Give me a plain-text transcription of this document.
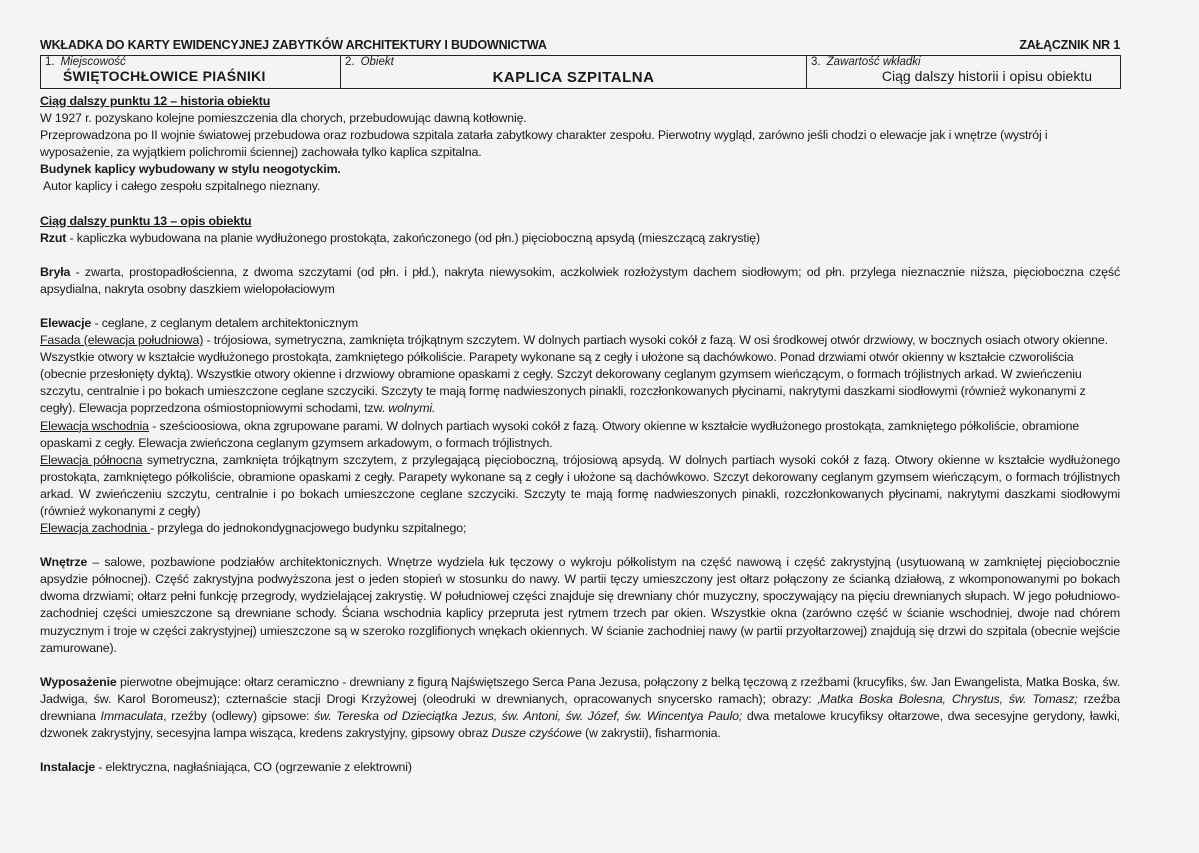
WKŁADKA DO KARTY EWIDENCYJNEJ ZABYTKÓW ARCHITEKTURY I BUDOWNICTWA	ZAŁĄCZNIK NR 1
1. Miejscowość
ŚWIĘTOCHŁOWICE PIAŚNIKI

2. Obiekt
KAPLICA SZPITALNA

3. Zawartość wkładki
Ciąg dalszy historii i opisu obiektu

Ciąg dalszy punktu 12 – historia obiektu

W 1927 r. pozyskano kolejne pomieszczenia dla chorych, przebudowując dawną kotłownię.

Przeprowadzona po II wojnie światowej przebudowa oraz rozbudowa szpitala zatarła zabytkowy charakter zespołu. Pierwotny wygląd, zarówno jeśli chodzi o elewacje jak i wnętrze (wystrój i wyposażenie, za wyjątkiem polichromii ściennej) zachowała tylko kaplica szpitalna.

Budynek kaplicy wybudowany w stylu neogotyckim.

Autor kaplicy i całego zespołu szpitalnego nieznany.

Ciąg dalszy punktu 13 – opis obiektu

Rzut - kapliczka wybudowana na planie wydłużonego prostokąta, zakończonego (od płn.) pięcioboczną apsydą (mieszczącą zakrystię)

Bryła - zwarta, prostopadłościenna, z dwoma szczytami (od płn. i płd.), nakryta niewysokim, aczkolwiek rozłożystym dachem siodłowym; od płn. przylega nieznacznie niższa, pięcioboczna część apsydialna, nakryta osobny daszkiem wielopołaciowym

Elewacje - ceglane, z ceglanym detalem architektonicznym

Fasada (elewacja południowa) - trójosiowa, symetryczna, zamknięta trójkątnym szczytem. W dolnych partiach wysoki cokół z fazą. W osi środkowej otwór drzwiowy, w bocznych osiach otwory okienne. Wszystkie otwory w kształcie wydłużonego prostokąta, zamkniętego półkoliście. Parapety wykonane są z cegły i ułożone są dachówkowo. Ponad drzwiami otwór okienny w kształcie czworoliścia (obecnie przesłonięty dyktą). Wszystkie otwory okienne i drzwiowy obramione opaskami z cegły. Szczyt dekorowany ceglanym gzymsem wieńczącym, o formach trójlistnych arkad. W zwieńczeniu szczytu, centralnie i po bokach umieszczone ceglane szczyciki. Szczyty te mają formę nadwieszonych pinakli, rozczłonkowanych płycinami, nakrytymi daszkami siodłowymi (również wykonanymi z cegły). Elewacja poprzedzona ośmiostopniowymi schodami, tzw. wolnymi.

Elewacja wschodnia - sześcioosiowa, okna zgrupowane parami. W dolnych partiach wysoki cokół z fazą. Otwory okienne w kształcie wydłużonego prostokąta, zamkniętego półkoliście, obramione opaskami z cegły. Elewacja zwieńczona ceglanym gzymsem arkadowym, o formach trójlistnych.

Elewacja północna symetryczna, zamknięta trójkątnym szczytem, z przylegającą pięcioboczną, trójosiową apsydą. W dolnych partiach wysoki cokół z fazą. Otwory okienne w kształcie wydłużonego prostokąta, zamkniętego półkoliście, obramione opaskami z cegły. Parapety wykonane są z cegły i ułożone są dachówkowo. Szczyt dekorowany ceglanym gzymsem wieńczącym, o formach trójlistnych arkad. W zwieńczeniu szczytu, centralnie i po bokach umieszczone ceglane szczyciki. Szczyty te mają formę nadwieszonych pinakli, rozczłonkowanych płycinami, nakrytymi daszkami siodłowymi (również wykonanymi z cegły)

Elewacja zachodnia - przylega do jednokondygnacjowego budynku szpitalnego;

Wnętrze – salowe, pozbawione podziałów architektonicznych. Wnętrze wydziela łuk tęczowy o wykroju półkolistym na część nawową i część zakrystyjną (usytuowaną w zamkniętej pięciobocznie apsydzie północnej). Część zakrystyjna podwyższona jest o jeden stopień w stosunku do nawy. W partii tęczy umieszczony jest ołtarz połączony ze ścianką działową, z wkomponowanymi po bokach dwoma drzwiami; ołtarz pełni funkcję przegrody, wydzielającej zakrystię. W południowej części znajduje się drewniany chór muzyczny, spoczywający na pięciu drewnianych słupach. W jego południowo-zachodniej części umieszczone są drewniane schody. Ściana wschodnia kaplicy przepruta jest rytmem trzech par okien. Wszystkie okna (zarówno część w ścianie wschodniej, dwoje nad chórem muzycznym i troje w części zakrystyjnej) umieszczone są w szeroko rozglifionych wnękach okiennych. W ścianie zachodniej nawy (w partii przyołtarzowej) znajdują się drzwi do szpitala (obecnie wejście zamurowane).

Wyposażenie pierwotne obejmujące: ołtarz ceramiczno - drewniany z figurą Najświętszego Serca Pana Jezusa, połączony z belką tęczową z rzeźbami (krucyfiks, św. Jan Ewangelista, Matka Boska, św. Jadwiga, św. Karol Boromeusz); czternaście stacji Drogi Krzyżowej (oleodruki w drewnianych, opracowanych snycersko ramach); obrazy: ‚Matka Boska Bolesna, Chrystus, św. Tomasz; rzeźba drewniana Immaculata, rzeźby (odlewy) gipsowe: św. Tereska od Dzieciątka Jezus, św. Antoni, św. Józef, św. Wincentya Paulo; dwa metalowe krucyfiksy ołtarzowe, dwa secesyjne gerydony, ławki, dzwonek zakrystyjny, secesyjna lampa wisząca, kredens zakrystyjny, gipsowy obraz Dusze czyśćowe (w zakrystii), fisharmonia.

Instalacje - elektryczna, nagłaśniająca, CO (ogrzewanie z elektrowni)
